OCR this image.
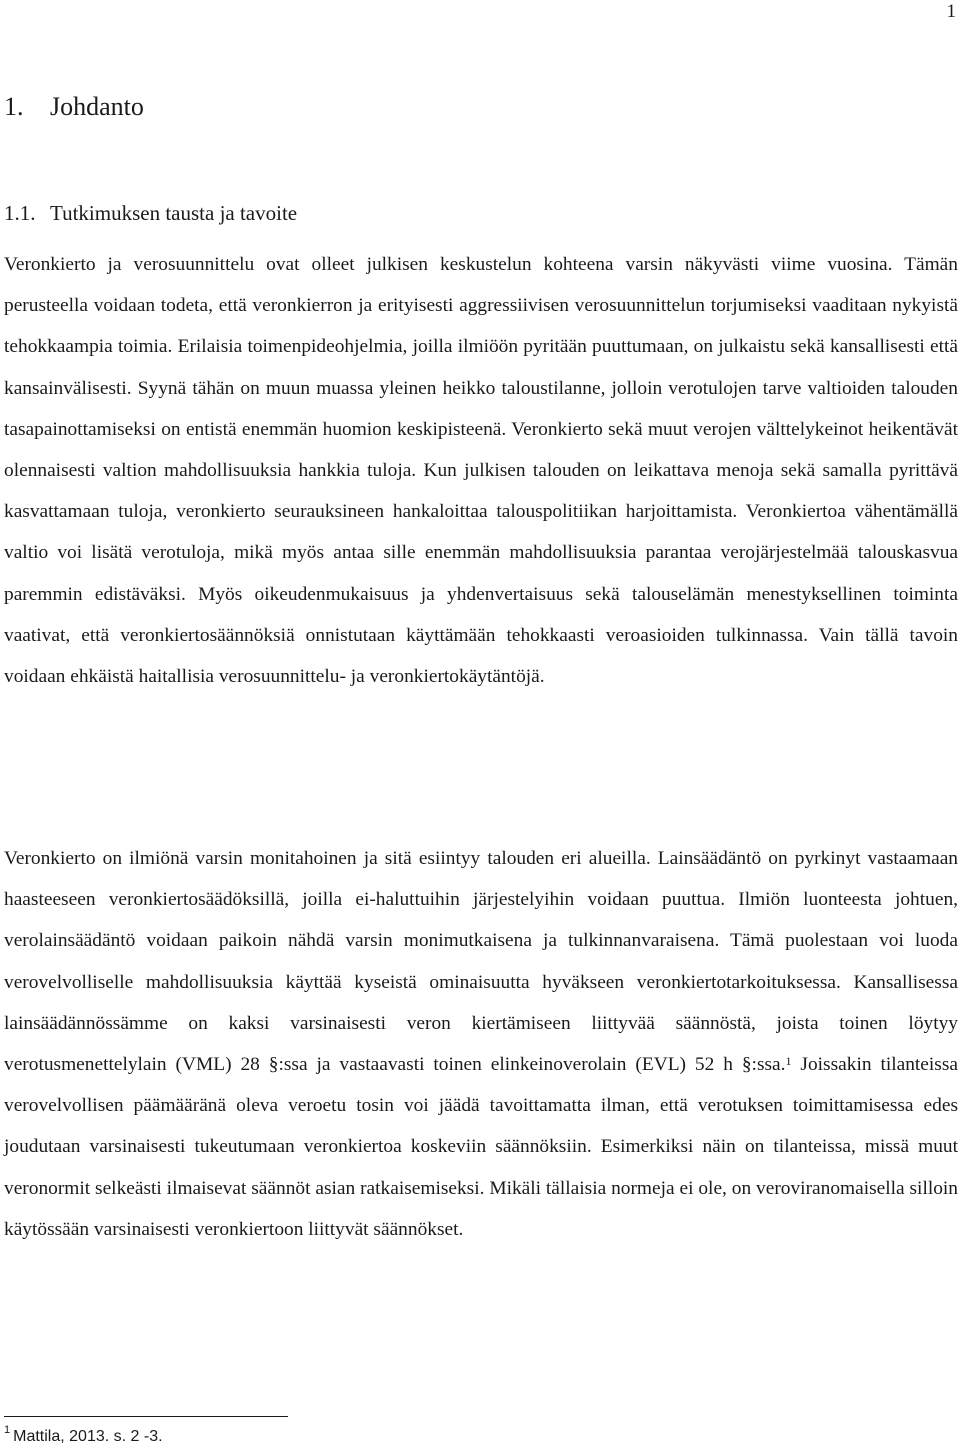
1
1. Johdanto
1.1. Tutkimuksen tausta ja tavoite

Veronkierto ja verosuunnittelu ovat olleet julkisen keskustelun kohteena varsin näkyvästi viime vuosina. Tämän perusteella voidaan todeta, että veronkierron ja erityisesti aggressiivisen verosuunnittelun torjumiseksi vaaditaan nykyistä tehokkaampia toimia. Erilaisia toimenpideohjelmia, joilla ilmiöön pyritään puuttumaan, on julkaistu sekä kansallisesti että kansainvälisesti. Syynä tähän on muun muassa yleinen heikko taloustilanne, jolloin verotulojen tarve valtioiden talouden tasapainottamiseksi on entistä enemmän huomion keskipisteenä. Veronkierto sekä muut verojen välttelykeinot heikentävät olennaisesti valtion mahdollisuuksia hankkia tuloja. Kun julkisen talouden on leikattava menoja sekä samalla pyrittävä kasvattamaan tuloja, veronkierto seurauksineen hankaloittaa talouspolitiikan harjoittamista. Veronkiertoa vähentämällä valtio voi lisätä verotuloja, mikä myös antaa sille enemmän mahdollisuuksia parantaa verojärjestelmää talouskasvua paremmin edistäväksi. Myös oikeudenmukaisuus ja yhdenvertaisuus sekä talouselämän menestyksellinen toiminta vaativat, että veronkiertosäännöksiä onnistutaan käyttämään tehokkaasti veroasioiden tulkinnassa. Vain tällä tavoin voidaan ehkäistä haitallisia verosuunnittelu- ja veronkiertokäytäntöjä.

Veronkierto on ilmiönä varsin monitahoinen ja sitä esiintyy talouden eri alueilla. Lainsäädäntö on pyrkinyt vastaamaan haasteeseen veronkiertosäädöksillä, joilla ei-haluttuihin järjestelyihin voidaan puuttua. Ilmiön luonteesta johtuen, verolainsäädäntö voidaan paikoin nähdä varsin monimutkaisena ja tulkinnanvaraisena. Tämä puolestaan voi luoda verovelvolliselle mahdollisuuksia käyttää kyseistä ominaisuutta hyväkseen veronkiertotarkoituksessa. Kansallisessa lainsäädännössämme on kaksi varsinaisesti veron kiertämiseen liittyvää säännöstä, joista toinen löytyy verotusmenettelylain (VML) 28 §:ssa ja vastaavasti toinen elinkeinoverolain (EVL) 52 h §:ssa.$^1$ Joissakin tilanteissa verovelvollisen päämääränä oleva veroetu tosin voi jäädä tavoittamatta ilman, että verotuksen toimittamisessa edes joudutaan varsinaisesti tukeutumaan veronkiertoa koskeviin säännöksiin. Esimerkiksi näin on tilanteissa, missä muut veronormit selkeästi ilmaisevat säännöt asian ratkaisemiseksi. Mikäli tällaisia normeja ei ole, on veroviranomaisella silloin käytössään varsinaisesti veronkiertoon liittyvät säännökset.

$^1$ Mattila, 2013. s. 2 -3.
